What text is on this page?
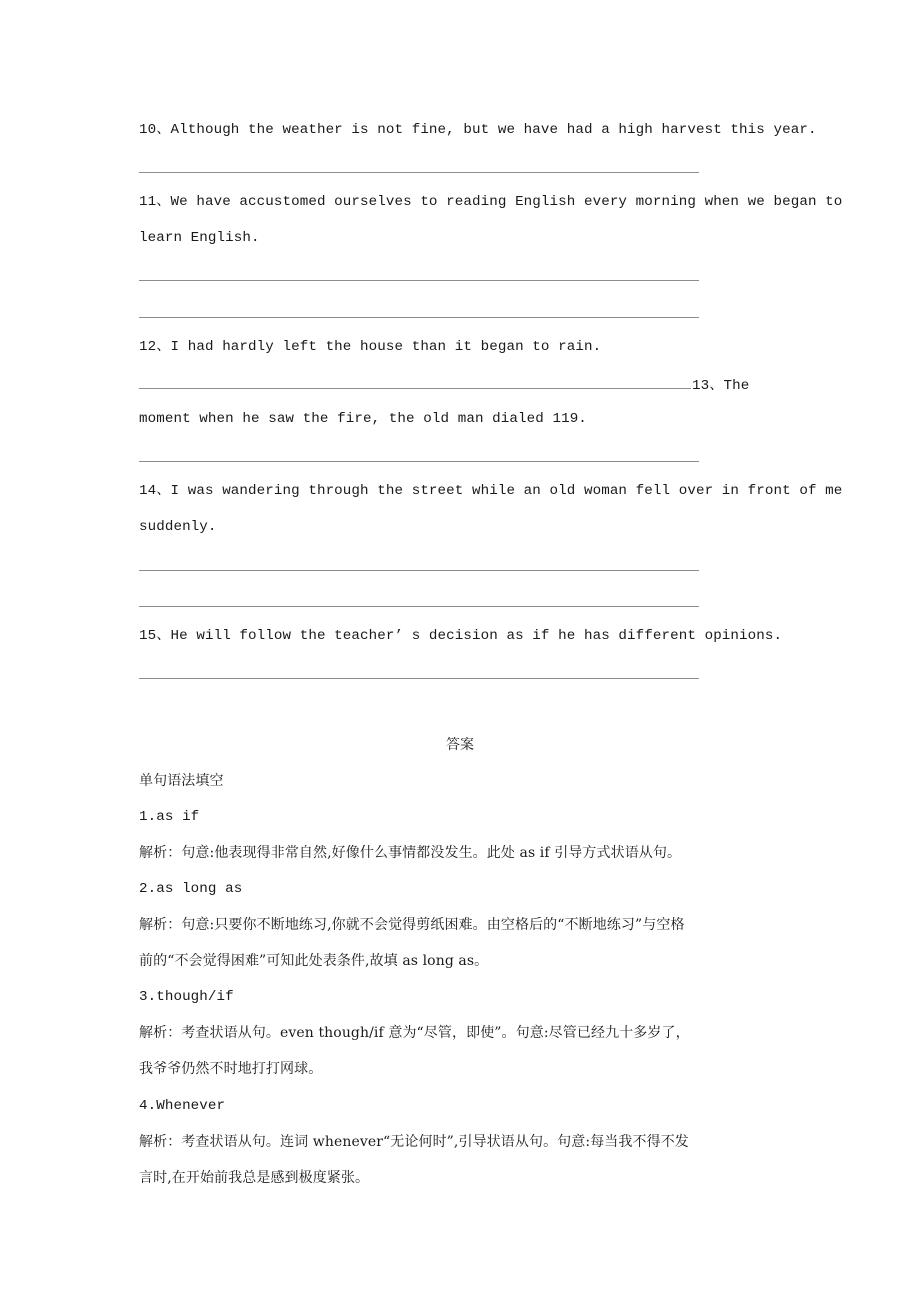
10、Although the weather is not fine, but we have had a high harvest this year.
11、We have accustomed ourselves to reading English every morning when we began to
learn English.
12、I had hardly left the house than it began to rain.
13、The
moment when he saw the fire, the old man dialed 119.
14、I was wandering through the street while an old woman fell over in front of me
suddenly.
15、He will follow the teacher’ s decision as if he has different opinions.
答案
单句语法填空
1.as if
解析：句意:他表现得非常自然,好像什么事情都没发生。此处 as if 引导方式状语从句。
2.as long as
解析：句意:只要你不断地练习,你就不会觉得剪纸困难。由空格后的“不断地练习”与空格
前的“不会觉得困难”可知此处表条件,故填 as long as。
3.though/if
解析：考查状语从句。even though/if 意为“尽管，即使”。句意:尽管已经九十多岁了，
我爷爷仍然不时地打打网球。
4.Whenever
解析：考查状语从句。连词 whenever“无论何时”,引导状语从句。句意:每当我不得不发
言时,在开始前我总是感到极度紧张。
